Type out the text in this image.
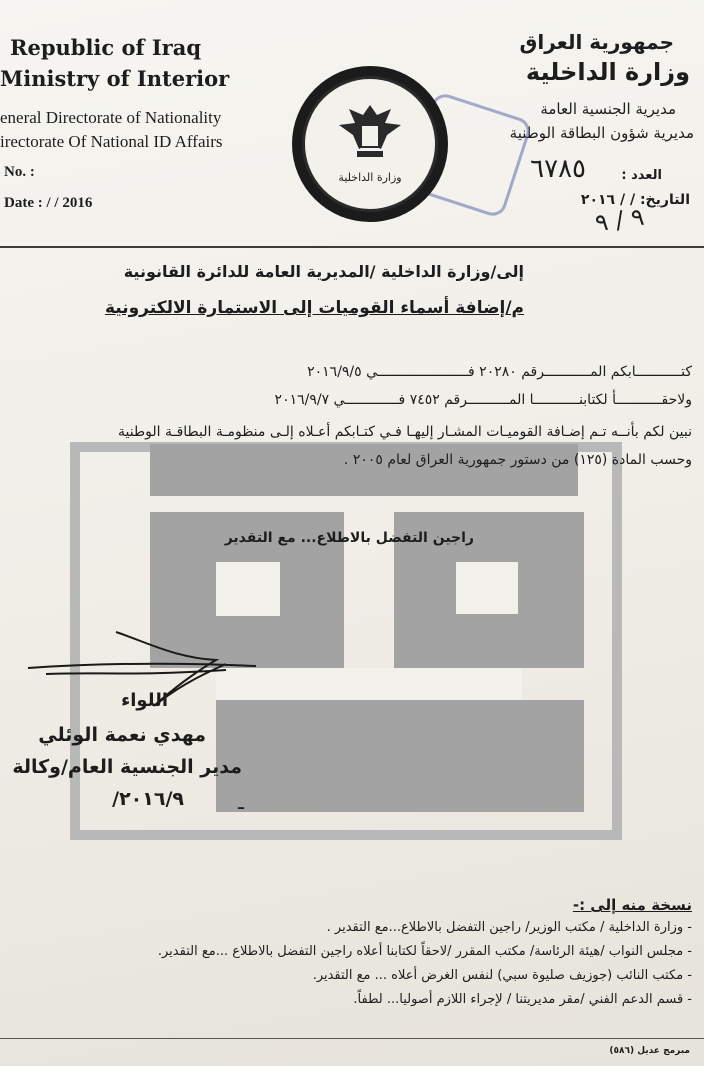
Republic of Iraq
Ministry of Interior
eneral Directorate of Nationality
irectorate Of National ID Affairs
No. :
Date : / / 2016
جمهورية العراق
وزارة الداخلية
مديرية الجنسية العامة
مديرية شؤون البطاقة الوطنية
العدد :
٦٧٨٥
التاريخ: / / ٢٠١٦
٩ / ٩
وزارة الداخلية
إلى/وزارة الداخلية /المديرية العامة للدائرة القانونية
م/إضافة أسماء القوميات إلى الاستمارة الالكترونية
كتـــــــــــابكم المـــــــــــرقم ٢٠٢٨٠ فــــــــــــــــــــــي ٢٠١٦/٩/٥
ولاحقـــــــــــأ لكتابنـــــــــــا المــــــــــرقم ٧٤٥٢ فـــــــــــــي ٢٠١٦/٩/٧
نبين لكم بأنــه تـم إضـافة القوميـات المشـار إليهـا فـي كتـابكم أعـلاه إلـى منظومـة البطاقـة الوطنية
وحسب المادة (١٢٥) من دستور جمهورية العراق لعام ٢٠٠٥ .
راجين التفضل بالاطلاع... مع التقدير
اللواء
مهدي نعمة الوئلي
مدير الجنسية العام/وكالة
٢٠١٦/٩/	ـ
نسخة منه إلى :-
- وزارة الداخلية / مكتب الوزير/ راجين التفضل بالاطلاع...مع التقدير .
- مجلس النواب /هيئة الرئاسة/ مكتب المقرر /لاحقاً لكتابنا أعلاه راجين التفضل بالاطلاع ...مع التقدير.
- مكتب النائب (جوزيف صليوة سبي) لنفس الغرض أعلاه ... مع التقدير.
- قسم الدعم الفني /مقر مديريتنا / لإجراء اللازم أصوليا... لطفاً.
مبرمج عديل (٥٨٦)
